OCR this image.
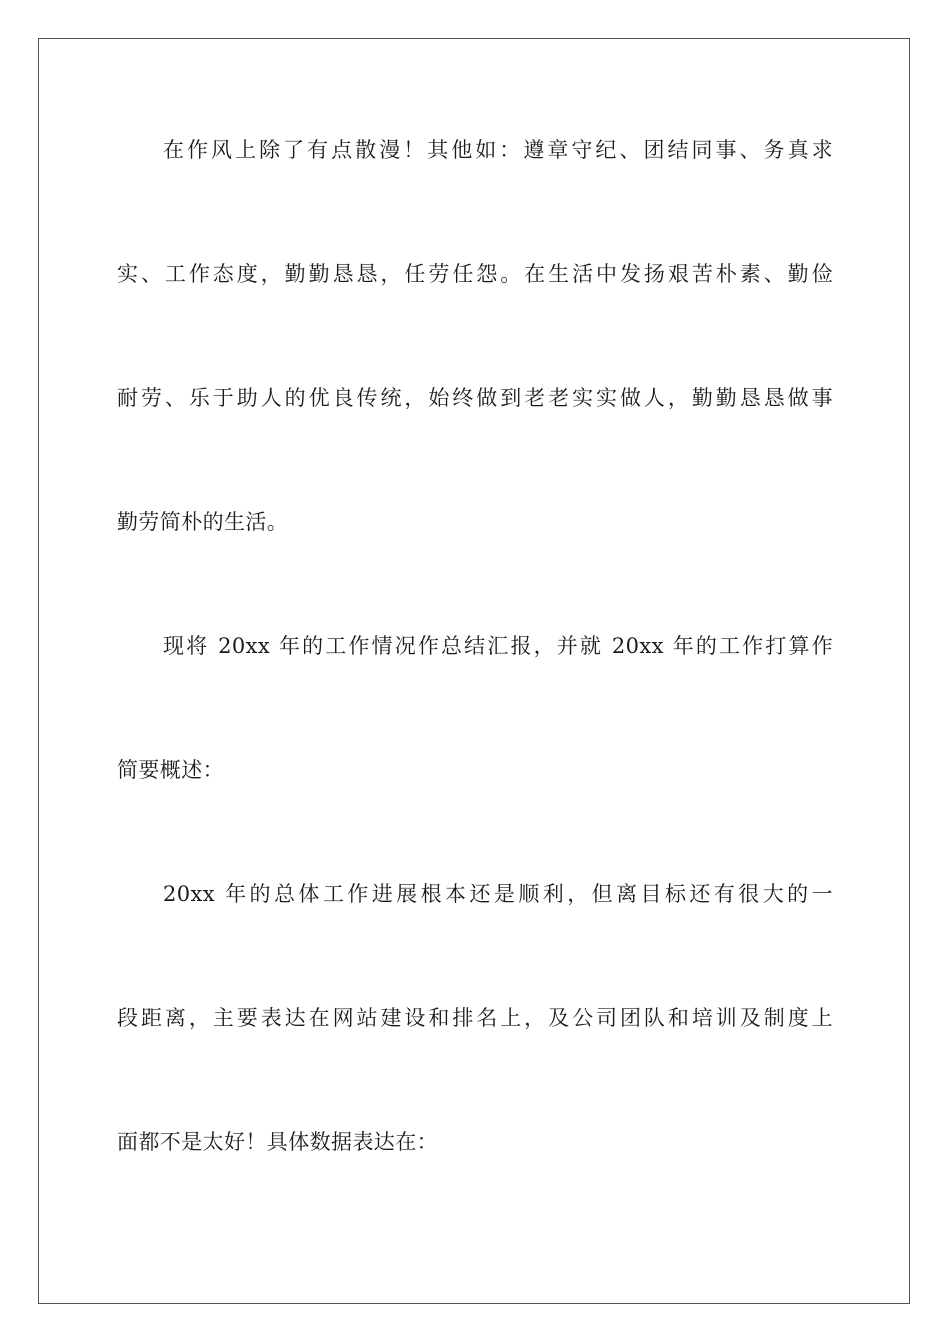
在作风上除了有点散漫！其他如：遵章守纪、团结同事、务真求
实、工作态度，勤勤恳恳，任劳任怨。在生活中发扬艰苦朴素、勤俭
耐劳、乐于助人的优良传统，始终做到老老实实做人，勤勤恳恳做事
勤劳简朴的生活。
现将 20xx 年的工作情况作总结汇报，并就 20xx 年的工作打算作
简要概述：
20xx 年的总体工作进展根本还是顺利，但离目标还有很大的一
段距离，主要表达在网站建设和排名上，及公司团队和培训及制度上
面都不是太好！具体数据表达在：
